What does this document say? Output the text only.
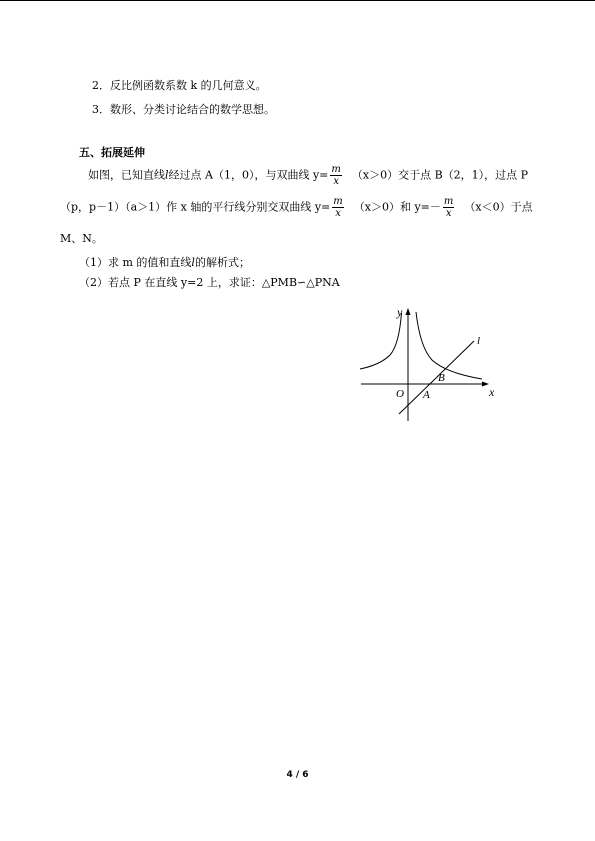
2．反比例函数系数 k 的几何意义。
3．数形、分类讨论结合的数学思想。
五、拓展延伸
如图，已知直线l经过点 A（1，0），与双曲线 $y= \frac{m}{x} (x>0)$交于点 B（2，1），过点 P
（p，p－1）（a＞1）作 x 轴的平行线分别交双曲线 $y= \frac{m}{x} (x>0)$和 $y=- \frac{m}{x} (x<0)$于点
M、N。
（1）求 m 的值和直线l的解析式；
（2）若点 P 在直线 y=2 上，求证：△PMB∽△PNA
y
x
O A
B
l
4 / 6
